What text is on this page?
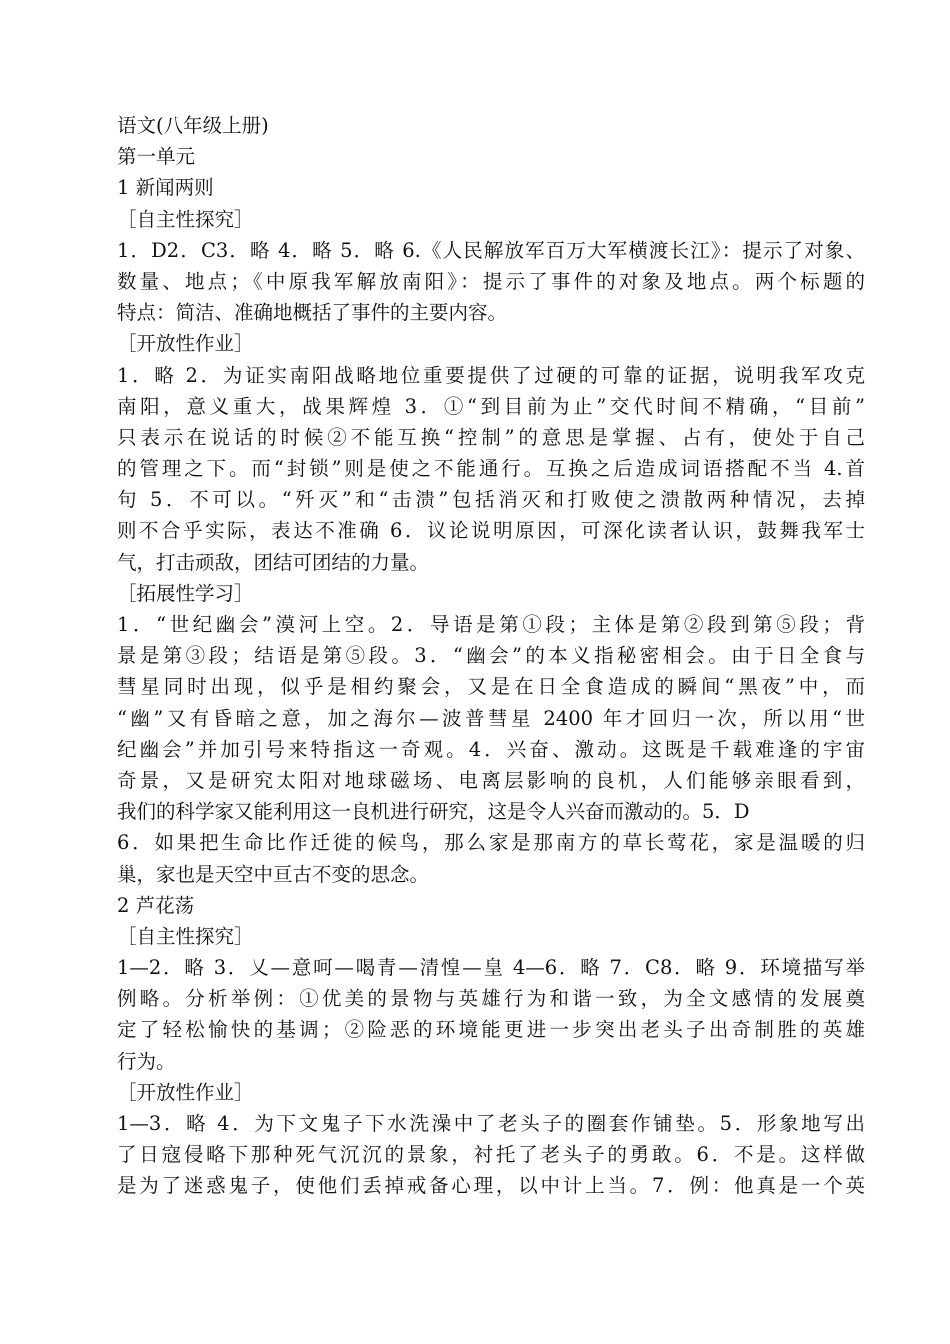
语文(八年级上册)
第一单元
1 新闻两则
［自主性探究］
1．D2．C3．略 4．略 5．略 6.《人民解放军百万大军横渡长江》：提示了对象、
数量、地点；《中原我军解放南阳》：提示了事件的对象及地点。两个标题的
特点：简洁、准确地概括了事件的主要内容。
［开放性作业］
1．略 2．为证实南阳战略地位重要提供了过硬的可靠的证据，说明我军攻克
南阳，意义重大，战果辉煌 3．①“到目前为止”交代时间不精确，“目前”
只表示在说话的时候②不能互换“控制”的意思是掌握、占有，使处于自己
的管理之下。而“封锁”则是使之不能通行。互换之后造成词语搭配不当 4.首
句 5．不可以。“歼灭”和“击溃”包括消灭和打败使之溃散两种情况，去掉
则不合乎实际，表达不准确 6．议论说明原因，可深化读者认识，鼓舞我军士
气，打击顽敌，团结可团结的力量。
［拓展性学习］
1．“世纪幽会”漠河上空。2．导语是第①段；主体是第②段到第⑤段；背
景是第③段；结语是第⑤段。3．“幽会”的本义指秘密相会。由于日全食与
彗星同时出现，似乎是相约聚会，又是在日全食造成的瞬间“黑夜”中，而
“幽”又有昏暗之意，加之海尔—波普彗星 2400 年才回归一次，所以用“世
纪幽会”并加引号来特指这一奇观。4．兴奋、激动。这既是千载难逢的宇宙
奇景，又是研究太阳对地球磁场、电离层影响的良机，人们能够亲眼看到，
我们的科学家又能利用这一良机进行研究，这是令人兴奋而激动的。5．D
6．如果把生命比作迁徙的候鸟，那么家是那南方的草长莺花，家是温暖的归
巢，家也是天空中亘古不变的思念。
2 芦花荡
［自主性探究］
1—2．略 3．乂—意呵—喝青—清惶—皇 4—6．略 7．C8．略 9．环境描写举
例略。分析举例：①优美的景物与英雄行为和谐一致，为全文感情的发展奠
定了轻松愉快的基调；②险恶的环境能更进一步突出老头子出奇制胜的英雄
行为。
［开放性作业］
1—3．略 4．为下文鬼子下水洗澡中了老头子的圈套作铺垫。5．形象地写出
了日寇侵略下那种死气沉沉的景象，衬托了老头子的勇敢。6．不是。这样做
是为了迷惑鬼子，使他们丢掉戒备心理，以中计上当。7．例：他真是一个英
